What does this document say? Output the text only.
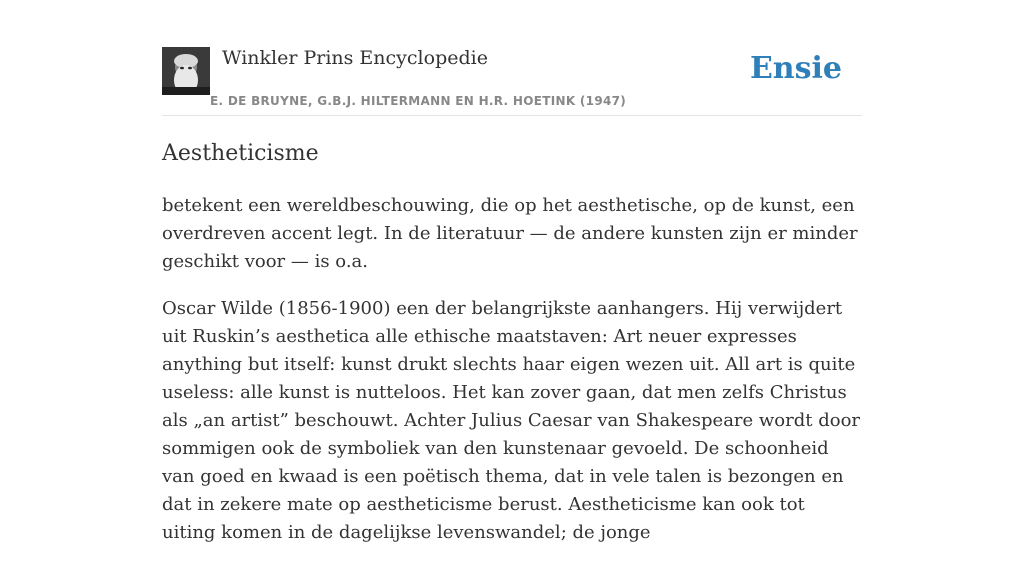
Winkler Prins Encyclopedie
E. DE BRUYNE, G.B.J. HILTERMANN EN H.R. HOETINK (1947)
Ensie
Aestheticisme

betekent een wereldbeschouwing, die op het aesthetische, op de kunst, een overdreven accent legt. In de literatuur — de andere kunsten zijn er minder geschikt voor — is o.a.

Oscar Wilde (1856-1900) een der belangrijkste aanhangers. Hij verwijdert uit Ruskin’s aesthetica alle ethische maatstaven: Art neuer expresses anything but itself: kunst drukt slechts haar eigen wezen uit. All art is quite useless: alle kunst is nutteloos. Het kan zover gaan, dat men zelfs Christus als „an artist” beschouwt. Achter Julius Caesar van Shakespeare wordt door sommigen ook de symboliek van den kunstenaar gevoeld. De schoonheid van goed en kwaad is een poëtisch thema, dat in vele talen is bezongen en dat in zekere mate op aestheticisme berust. Aestheticisme kan ook tot uiting komen in de dagelijkse levenswandel; de jonge
